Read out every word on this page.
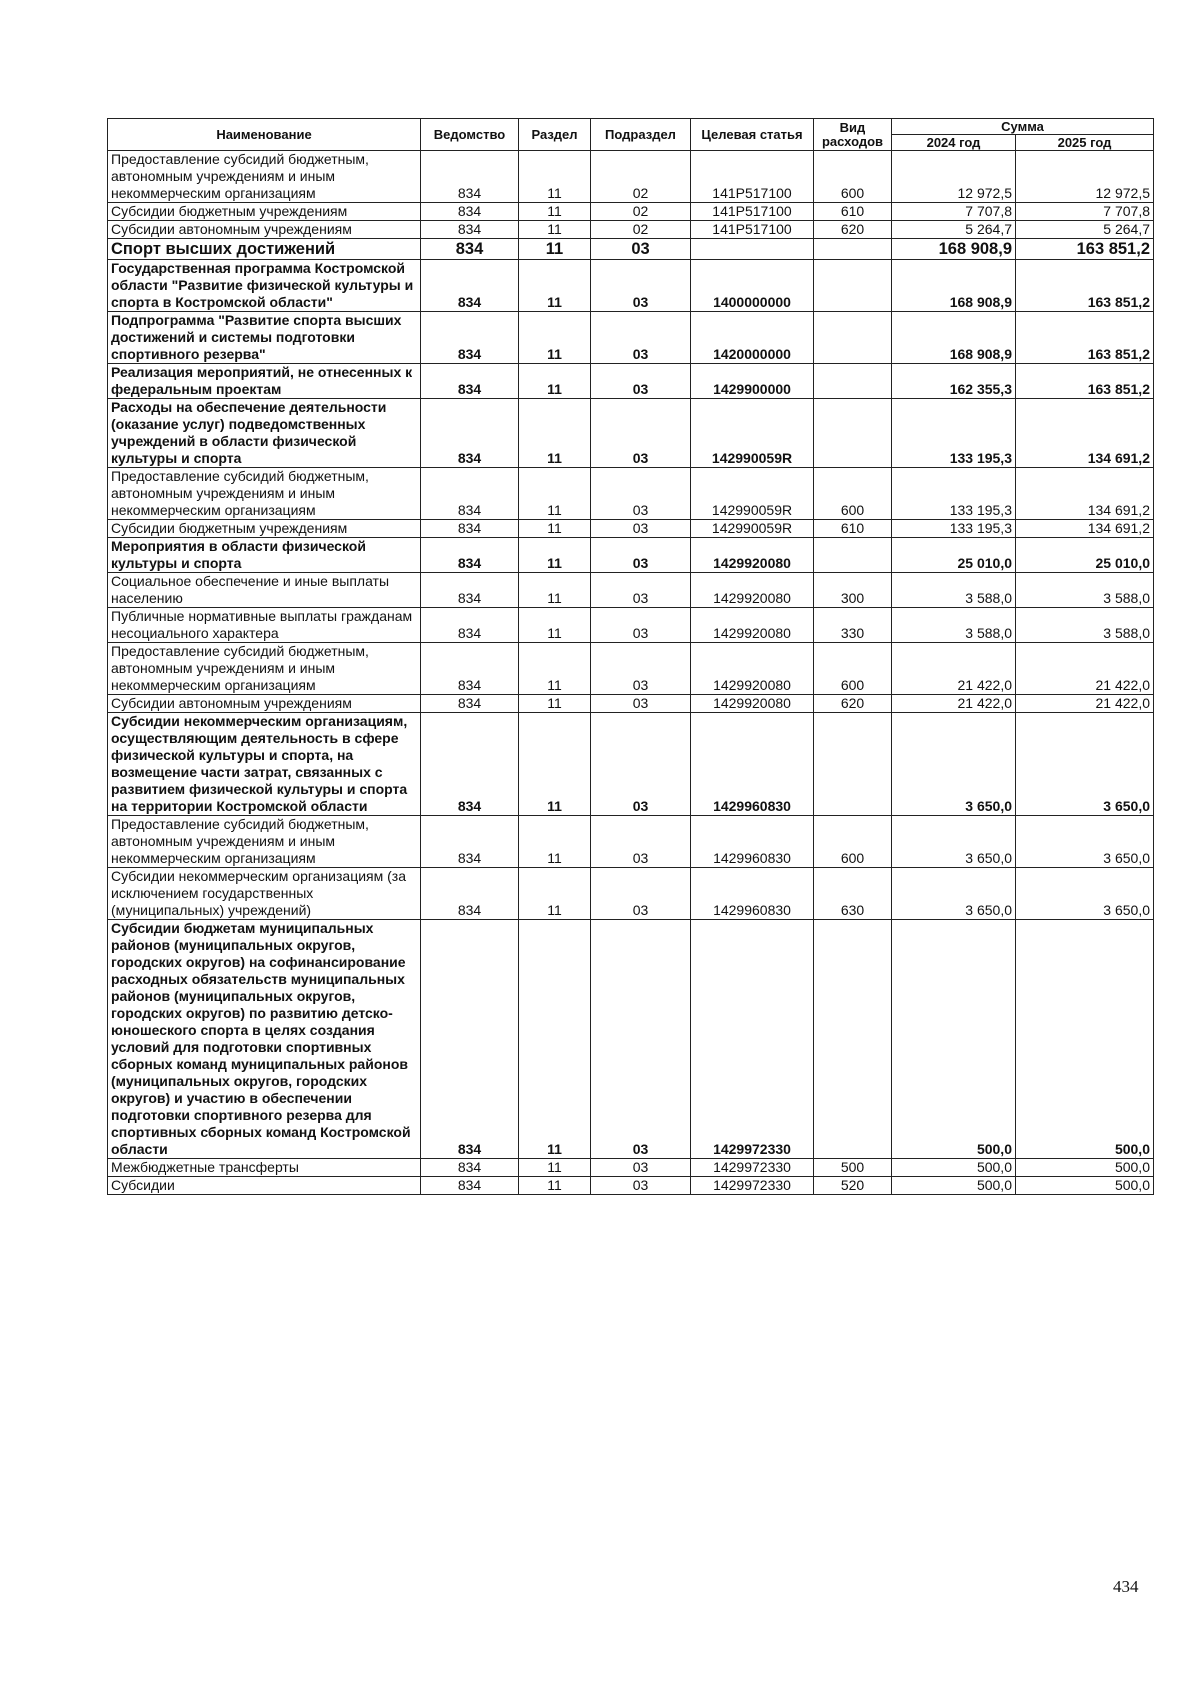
Наименование	Ведомство	Раздел	Подраздел	Целевая статья	Вид расходов	Сумма	
						2024 год	2025 год
Предоставление субсидий бюджетным, автономным учреждениям и иным некоммерческим организациям	834	11	02	141Р517100	600	12 972,5	12 972,5
Субсидии бюджетным учреждениям	834	11	02	141Р517100	610	7 707,8	7 707,8
Субсидии автономным учреждениям	834	11	02	141Р517100	620	5 264,7	5 264,7
Спорт высших достижений	834	11	03			168 908,9	163 851,2
Государственная программа Костромской области "Развитие физической культуры и спорта в Костромской области"	834	11	03	1400000000		168 908,9	163 851,2
Подпрограмма "Развитие спорта высших достижений и системы подготовки спортивного резерва"	834	11	03	1420000000		168 908,9	163 851,2
Реализация мероприятий, не отнесенных к федеральным проектам	834	11	03	1429900000		162 355,3	163 851,2
Расходы на обеспечение деятельности (оказание услуг) подведомственных учреждений в области физической культуры и спорта	834	11	03	142990059R		133 195,3	134 691,2
Предоставление субсидий бюджетным, автономным учреждениям и иным некоммерческим организациям	834	11	03	142990059R	600	133 195,3	134 691,2
Субсидии бюджетным учреждениям	834	11	03	142990059R	610	133 195,3	134 691,2
Мероприятия в области физической культуры и спорта	834	11	03	1429920080		25 010,0	25 010,0
Социальное обеспечение и иные выплаты населению	834	11	03	1429920080	300	3 588,0	3 588,0
Публичные нормативные выплаты гражданам несоциального характера	834	11	03	1429920080	330	3 588,0	3 588,0
Предоставление субсидий бюджетным, автономным учреждениям и иным некоммерческим организациям	834	11	03	1429920080	600	21 422,0	21 422,0
Субсидии автономным учреждениям	834	11	03	1429920080	620	21 422,0	21 422,0
Субсидии некоммерческим организациям, осуществляющим деятельность в сфере физической культуры и спорта, на возмещение части затрат, связанных с развитием физической культуры и спорта на территории Костромской области	834	11	03	1429960830		3 650,0	3 650,0
Предоставление субсидий бюджетным, автономным учреждениям и иным некоммерческим организациям	834	11	03	1429960830	600	3 650,0	3 650,0
Субсидии некоммерческим организациям (за исключением государственных (муниципальных) учреждений)	834	11	03	1429960830	630	3 650,0	3 650,0
Субсидии бюджетам муниципальных районов (муниципальных округов, городских округов) на софинансирование расходных обязательств муниципальных районов (муниципальных округов, городских округов) по развитию детско-юношеского спорта в целях создания условий для подготовки спортивных сборных команд муниципальных районов (муниципальных округов, городских округов) и участию в обеспечении подготовки спортивного резерва для спортивных сборных команд Костромской области	834	11	03	1429972330		500,0	500,0
Межбюджетные трансферты	834	11	03	1429972330	500	500,0	500,0
Субсидии	834	11	03	1429972330	520	500,0	500,0
434
